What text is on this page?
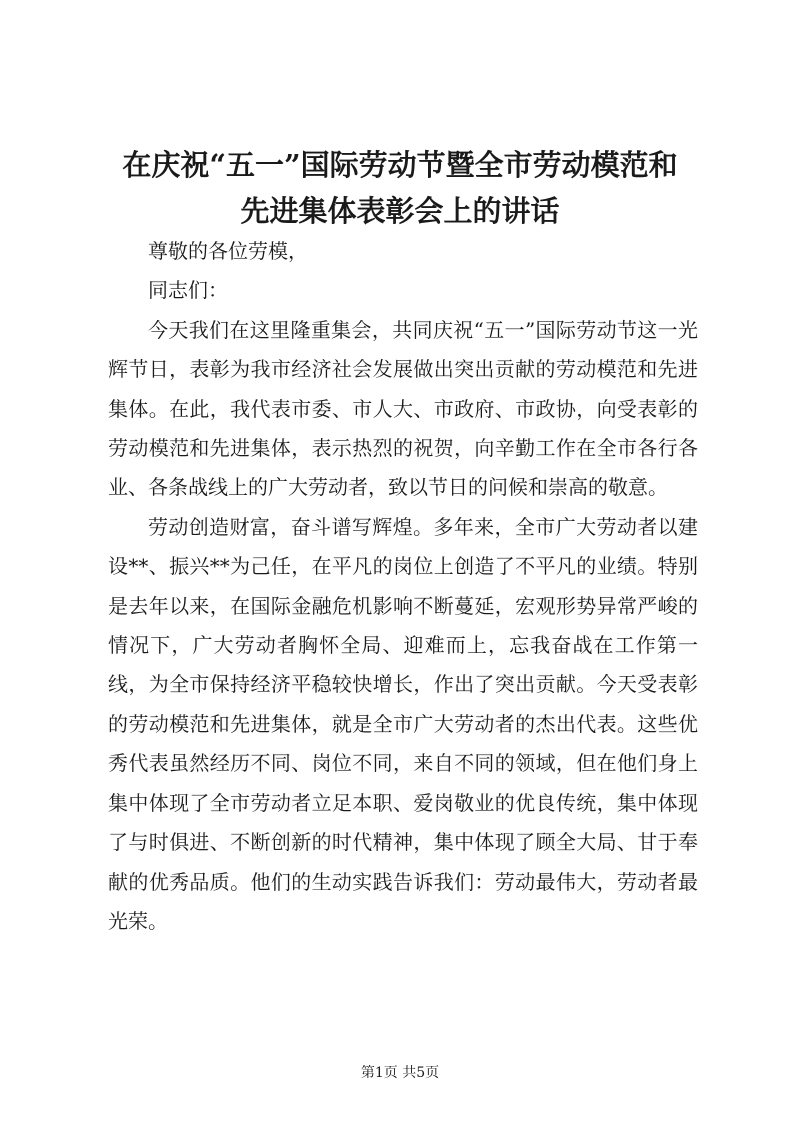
在庆祝“五一”国际劳动节暨全市劳动模范和
先进集体表彰会上的讲话

尊敬的各位劳模，

同志们：

今天我们在这里隆重集会，共同庆祝“五一”国际劳动节这一光辉节日，表彰为我市经济社会发展做出突出贡献的劳动模范和先进集体。在此，我代表市委、市人大、市政府、市政协，向受表彰的劳动模范和先进集体，表示热烈的祝贺，向辛勤工作在全市各行各业、各条战线上的广大劳动者，致以节日的问候和崇高的敬意。

劳动创造财富，奋斗谱写辉煌。多年来，全市广大劳动者以建设**、振兴**为己任，在平凡的岗位上创造了不平凡的业绩。特别是去年以来，在国际金融危机影响不断蔓延，宏观形势异常严峻的情况下，广大劳动者胸怀全局、迎难而上，忘我奋战在工作第一线，为全市保持经济平稳较快增长，作出了突出贡献。今天受表彰的劳动模范和先进集体，就是全市广大劳动者的杰出代表。这些优秀代表虽然经历不同、岗位不同，来自不同的领域，但在他们身上集中体现了全市劳动者立足本职、爱岗敬业的优良传统，集中体现了与时俱进、不断创新的时代精神，集中体现了顾全大局、甘于奉献的优秀品质。他们的生动实践告诉我们：劳动最伟大，劳动者最光荣。

第1页 共5页
